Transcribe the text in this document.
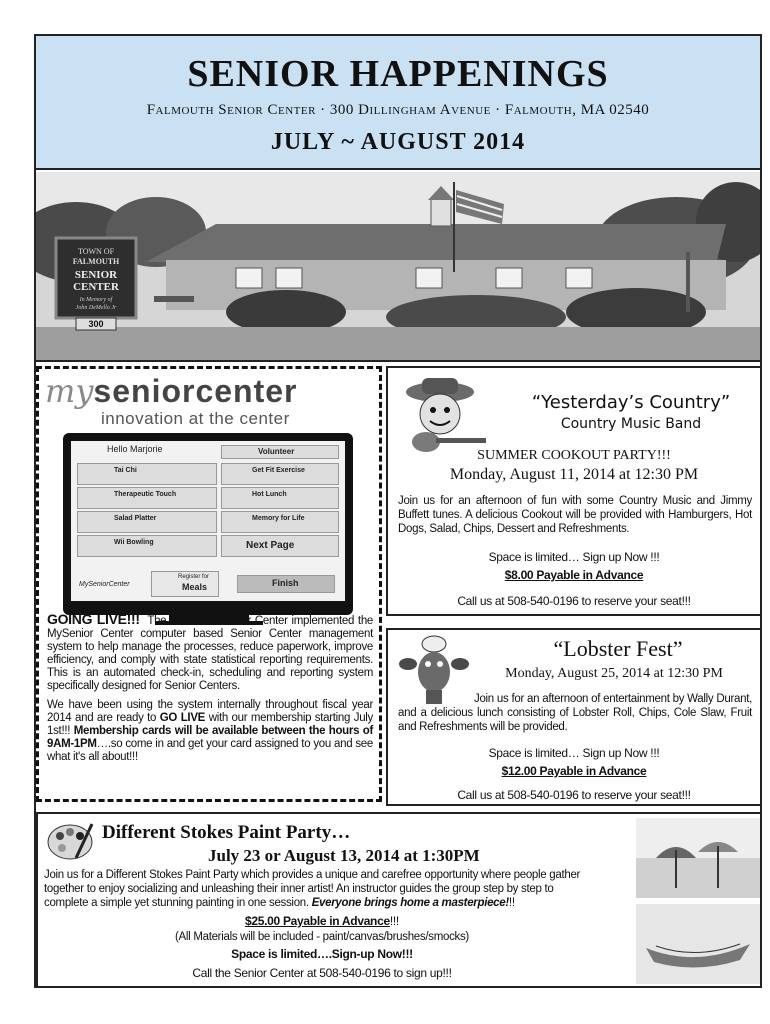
SENIOR HAPPENINGS
Falmouth Senior Center · 300 Dillingham Avenue · Falmouth, MA 02540
JULY ~ AUGUST 2014
TOWN OF
FALMOUTH
SENIOR
CENTER
In Memory of
John DeMello Jr
300
myseniorcenter
innovation at the center
Hello Marjorie	Volunteer
Tai Chi
Therapeutic Touch
Salad Platter
Wii Bowling
Get Fit Exercise
Hot Lunch
Memory for Life
Next Page
MySeniorCenter
Register for
Meals	Finish

GOING LIVE!!! The Falmouth Senior Center implemented the MySenior Center computer based Senior Center management system to help manage the processes, reduce paperwork, improve efficiency, and comply with state statistical reporting requirements. This is an automated check-in, scheduling and reporting system specifically designed for Senior Centers.

We have been using the system internally throughout fiscal year 2014 and are ready to GO LIVE with our membership starting July 1st!!! Membership cards will be available between the hours of 9AM-1PM….so come in and get your card assigned to you and see what it's all about!!!

“Yesterday’s Country”
Country Music Band
SUMMER COOKOUT PARTY!!!
Monday, August 11, 2014 at 12:30 PM
Join us for an afternoon of fun with some Country Music and Jimmy Buffett tunes. A delicious Cookout will be provided with Hamburgers, Hot Dogs, Salad, Chips, Dessert and Refreshments.
Space is limited… Sign up Now !!!
$8.00 Payable in Advance
Call us at 508-540-0196 to reserve your seat!!!
“Lobster Fest”
Monday, August 25, 2014 at 12:30 PM
Join us for an afternoon of entertainment by Wally Durant, and a delicious lunch consisting of Lobster Roll, Chips, Cole Slaw, Fruit and Refreshments will be provided.
Space is limited… Sign up Now !!!
$12.00 Payable in Advance
Call us at 508-540-0196 to reserve your seat!!!
Different Stokes Paint Party…
July 23 or August 13, 2014 at 1:30PM
Join us for a Different Stokes Paint Party which provides a unique and carefree opportunity where people gather together to enjoy socializing and unleashing their inner artist! An instructor guides the group step by step to complete a simple yet stunning painting in one session. Everyone brings home a masterpiece!!!
$25.00 Payable in Advance!!!
(All Materials will be included - paint/canvas/brushes/smocks)
Space is limited….Sign-up Now!!!
Call the Senior Center at 508-540-0196 to sign up!!!
